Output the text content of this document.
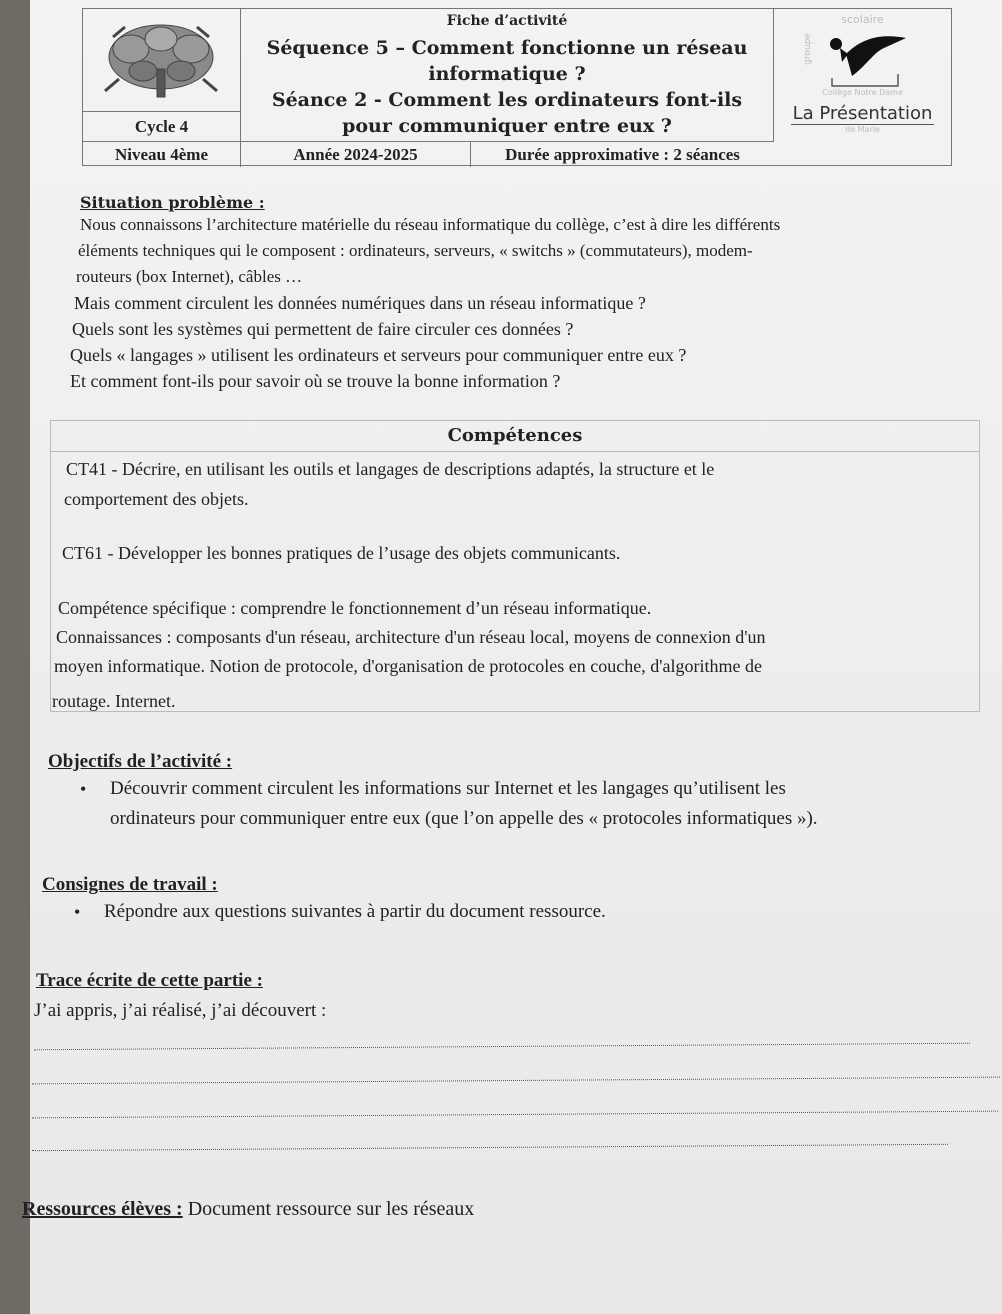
Cycle 4
Niveau 4ème
Fiche d’activité
Séquence 5 – Comment fonctionne un réseau
informatique ?
Séance 2 - Comment les ordinateurs font-ils
pour communiquer entre eux ?
Année 2024-2025	Durée approximative : 2 séances
scolaire
groupe
Collège Notre Dame
La Présentation
de Marie
Situation problème :
Nous connaissons l’architecture matérielle du réseau informatique du collège, c’est à dire les différents
éléments techniques qui le composent : ordinateurs, serveurs, « switchs » (commutateurs), modem-
routeurs (box Internet), câbles …
Mais comment circulent les données numériques dans un réseau informatique ?
Quels sont les systèmes qui permettent de faire circuler ces données ?
Quels « langages » utilisent les ordinateurs et serveurs pour communiquer entre eux ?
Et comment font-ils pour savoir où se trouve la bonne information ?
Compétences
CT41 - Décrire, en utilisant les outils et langages de descriptions adaptés, la structure et le
comportement des objets.
CT61 - Développer les bonnes pratiques de l’usage des objets communicants.
Compétence spécifique : comprendre le fonctionnement d’un réseau informatique.
Connaissances : composants d'un réseau, architecture d'un réseau local, moyens de connexion d'un
moyen informatique. Notion de protocole, d'organisation de protocoles en couche, d'algorithme de
routage. Internet.
Objectifs de l’activité :
• Découvrir comment circulent les informations sur Internet et les langages qu’utilisent les
ordinateurs pour communiquer entre eux (que l’on appelle des « protocoles informatiques »).
Consignes de travail :
• Répondre aux questions suivantes à partir du document ressource.
Trace écrite de cette partie :
J’ai appris, j’ai réalisé, j’ai découvert :
Ressources élèves : Document ressource sur les réseaux
